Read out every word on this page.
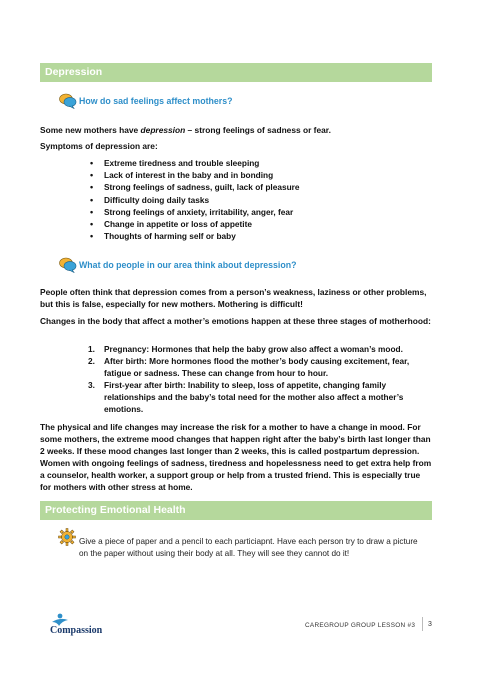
Depression
How do sad feelings affect mothers?
Some new mothers have depression – strong feelings of sadness or fear.
Symptoms of depression are:
• Extreme tiredness and trouble sleeping
• Lack of interest in the baby and in bonding
• Strong feelings of sadness, guilt, lack of pleasure
• Difficulty doing daily tasks
• Strong feelings of anxiety, irritability, anger, fear
• Change in appetite or loss of appetite
• Thoughts of harming self or baby
What do people in our area think about depression?
People often think that depression comes from a person’s weakness, laziness or other problems, but this is false, especially for new mothers. Mothering is difficult!
Changes in the body that affect a mother’s emotions happen at these three stages of motherhood:
1. Pregnancy: Hormones that help the baby grow also affect a woman’s mood.
2. After birth: More hormones flood the mother’s body causing excitement, fear, fatigue or sadness. These can change from hour to hour.
3. First-year after birth: Inability to sleep, loss of appetite, changing family relationships and the baby’s total need for the mother also affect a mother’s emotions.
The physical and life changes may increase the risk for a mother to have a change in mood. For some mothers, the extreme mood changes that happen right after the baby’s birth last longer than 2 weeks. If these mood changes last longer than 2 weeks, this is called postpartum depression. Women with ongoing feelings of sadness, tiredness and hopelessness need to get extra help from a counselor, health worker, a support group or help from a trusted friend. This is especially true for mothers with other stress at home.
Protecting Emotional Health
Give a piece of paper and a pencil to each particiapnt. Have each person try to draw a picture on the paper without using their body at all. They will see they cannot do it!
Compassion	CAREGROUP GROUP LESSON #3 3
